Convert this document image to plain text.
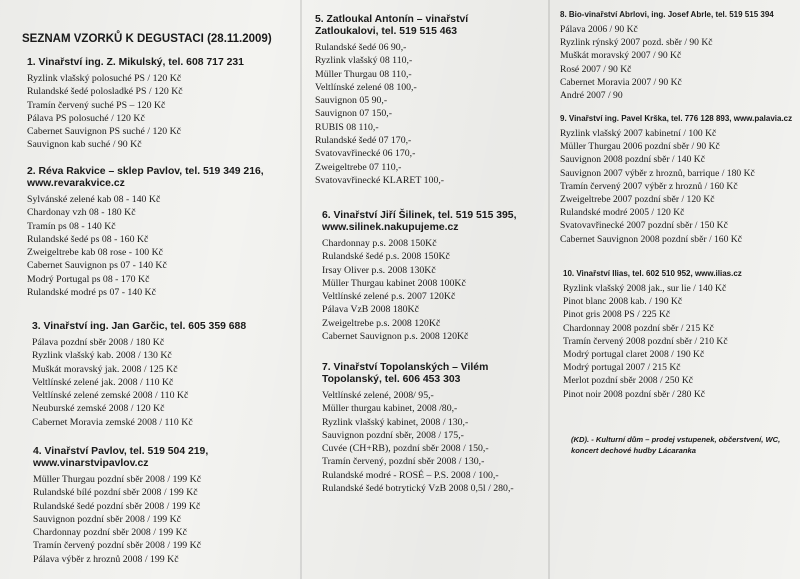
SEZNAM VZORKŮ K DEGUSTACI (28.11.2009)
1. Vinařství ing. Z. Mikulský, tel. 608 717 231
Ryzlink vlašský polosuché PS / 120 Kč
Rulandské šedé polosladké PS / 120 Kč
Tramín červený suché PS – 120 Kč
Pálava PS polosuché / 120 Kč
Cabernet Sauvignon PS suché / 120 Kč
Sauvignon kab suché / 90 Kč
2. Réva Rakvice – sklep Pavlov, tel. 519 349 216,
www.revarakvice.cz
Sylvánské zelené kab 08 - 140 Kč
Chardonay vzh 08 - 180 Kč
Tramín ps 08 - 140 Kč
Rulandské šedé ps 08 - 160 Kč
Zweigeltrebe kab 08 rose - 100 Kč
Cabernet Sauvignon ps 07 - 140 Kč
Modrý Portugal ps 08 - 170 Kč
Rulandské modré ps 07 - 140 Kč
3. Vinařství ing. Jan Garčic, tel. 605 359 688
Pálava pozdní sběr 2008 / 180 Kč
Ryzlink vlašský kab. 2008 / 130 Kč
Muškát moravský jak. 2008 / 125 Kč
Veltlínské zelené jak. 2008 / 110 Kč
Veltlínské zelené zemské 2008 / 110 Kč
Neuburské zemské 2008 / 120 Kč
Cabernet Moravia zemské 2008 / 110 Kč
4. Vinařství Pavlov, tel. 519 504 219,
www.vinarstvipavlov.cz
Müller Thurgau pozdní sběr 2008 / 199 Kč
Rulandské bílé pozdní sběr 2008 / 199 Kč
Rulandské šedé pozdní sběr 2008 / 199 Kč
Sauvignon pozdní sběr 2008 / 199 Kč
Chardonnay pozdní sběr 2008 / 199 Kč
Tramín červený pozdní sběr 2008 / 199 Kč
Pálava výběr z hroznů 2008 / 199 Kč
5. Zatloukal Antonín – vinařství
Zatloukalovi, tel. 519 515 463
Rulandské šedé 06 90,-
Ryzlink vlašský 08 110,-
Müller Thurgau 08 110,-
Veltlínské zelené 08 100,-
Sauvignon 05 90,-
Sauvignon 07 150,-
RUBIS 08 110,-
Rulandské šedé 07 170,-
Svatovavřinecké 06 170,-
Zweigeltrebe 07 110,-
Svatovavřinecké KLARET 100,-
6. Vinařství Jiří Šilinek, tel. 519 515 395,
www.silinek.nakupujeme.cz
Chardonnay p.s. 2008 150Kč
Rulandské šedé p.s. 2008 150Kč
Irsay Oliver p.s. 2008 130Kč
Müller Thurgau kabinet 2008 100Kč
Veltlínské zelené p.s. 2007 120Kč
Pálava VzB 2008 180Kč
Zweigeltrebe p.s. 2008 120Kč
Cabernet Sauvignon p.s. 2008 120Kč
7. Vinařství Topolanských – Vilém
Topolanský, tel. 606 453 303
Veltlínské zelené, 2008/ 95,-
Müller thurgau kabinet, 2008 /80,-
Ryzlink vlašský kabinet, 2008 / 130,-
Sauvignon pozdní sběr, 2008 / 175,-
Cuvée (CH+RB), pozdní sběr 2008 / 150,-
Tramín červený, pozdní sběr 2008 / 130,-
Rulandské modré - ROSÉ – P.S. 2008 / 100,-
Rulandské šedé botrytický VzB 2008 0,5l / 280,-
8. Bio-vinařství Abrlovi, ing. Josef Abrle, tel. 519 515 394
Pálava 2006 / 90 Kč
Ryzlink rýnský 2007 pozd. sběr / 90 Kč
Muškát moravský 2007 / 90 Kč
Rosé 2007 / 90 Kč
Cabernet Moravia 2007 / 90 Kč
André 2007 / 90
9. Vinařství ing. Pavel Krška, tel. 776 128 893, www.palavia.cz
Ryzlink vlašský 2007 kabinetní / 100 Kč
Müller Thurgau 2006 pozdní sběr / 90 Kč
Sauvignon 2008 pozdní sběr / 140 Kč
Sauvignon 2007 výběr z hroznů, barrique / 180 Kč
Tramín červený 2007 výběr z hroznů / 160 Kč
Zweigeltrebe 2007 pozdní sběr / 120 Kč
Rulandské modré 2005 / 120 Kč
Svatovavřinecké 2007 pozdní sběr / 150 Kč
Cabernet Sauvignon 2008 pozdní sběr / 160 Kč
10. Vinařství Ilias, tel. 602 510 952, www.ilias.cz
Ryzlink vlašský 2008 jak., sur lie / 140 Kč
Pinot blanc 2008 kab. / 190 Kč
Pinot gris 2008 PS / 225 Kč
Chardonnay 2008 pozdní sběr / 215 Kč
Tramín červený 2008 pozdní sběr / 210 Kč
Modrý portugal claret 2008 / 190 Kč
Modrý portugal 2007 / 215 Kč
Merlot pozdní sběr 2008 / 250 Kč
Pinot noir 2008 pozdní sběr / 280 Kč
(KD). - Kulturní dům – prodej vstupenek, občerstvení, WC, koncert dechové hudby Lácaranka
